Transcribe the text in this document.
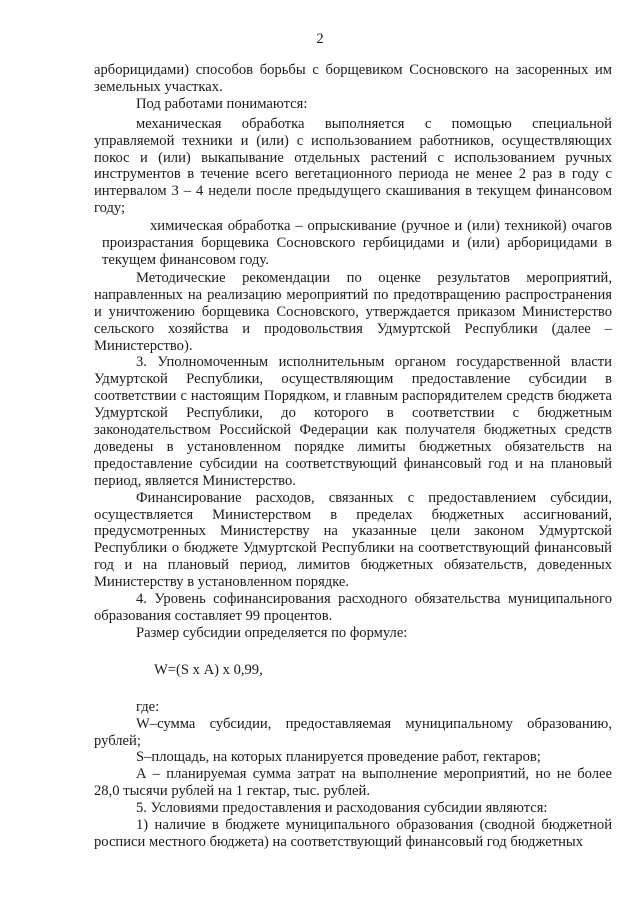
2

арборицидами) способов борьбы с борщевиком Сосновского на засоренных им земельных участках.

Под работами понимаются:

механическая обработка выполняется с помощью специальной управляемой техники и (или) с использованием работников, осуществляющих покос и (или) выкапывание отдельных растений с использованием ручных инструментов в течение всего вегетационного периода не менее 2 раз в году с интервалом 3 – 4 недели после предыдущего скашивания в текущем финансовом году;

химическая обработка – опрыскивание (ручное и (или) техникой) очагов произрастания борщевика Сосновского гербицидами и (или) арборицидами в текущем финансовом году.

Методические рекомендации по оценке результатов мероприятий, направленных на реализацию мероприятий по предотвращению распространения и уничтожению борщевика Сосновского, утверждается приказом Министерство сельского хозяйства и продовольствия Удмуртской Республики (далее – Министерство).

3. Уполномоченным исполнительным органом государственной власти Удмуртской Республики, осуществляющим предоставление субсидии в соответствии с настоящим Порядком, и главным распорядителем средств бюджета Удмуртской Республики, до которого в соответствии с бюджетным законодательством Российской Федерации как получателя бюджетных средств доведены в установленном порядке лимиты бюджетных обязательств на предоставление субсидии на соответствующий финансовый год и на плановый период, является Министерство.

Финансирование расходов, связанных с предоставлением субсидии, осуществляется Министерством в пределах бюджетных ассигнований, предусмотренных Министерству на указанные цели законом Удмуртской Республики о бюджете Удмуртской Республики на соответствующий финансовый год и на плановый период, лимитов бюджетных обязательств, доведенных Министерству в установленном порядке.

4. Уровень софинансирования расходного обязательства муниципального образования составляет 99 процентов.

Размер субсидии определяется по формуле:

W=(S х A) х 0,99,

где:

W–сумма субсидии, предоставляемая муниципальному образованию, рублей;

S–площадь, на которых планируется проведение работ, гектаров;

А – планируемая сумма затрат на выполнение мероприятий, но не более 28,0 тысячи рублей на 1 гектар, тыс. рублей.

5. Условиями предоставления и расходования субсидии являются:

1) наличие в бюджете муниципального образования (сводной бюджетной росписи местного бюджета) на соответствующий финансовый год бюджетных
